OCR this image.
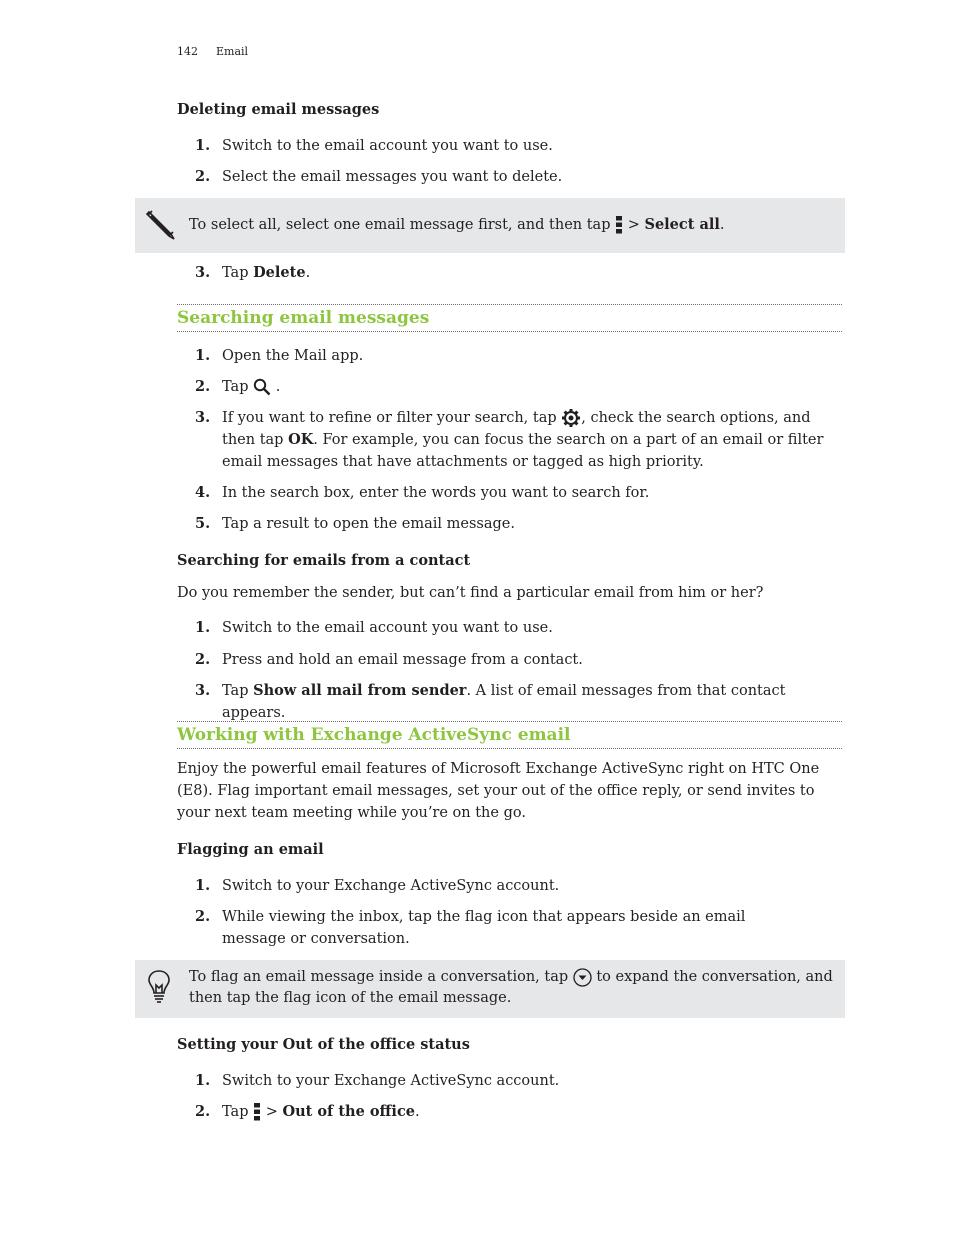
142 Email
Deleting email messages
1. Switch to the email account you want to use.
2. Select the email messages you want to delete.
To select all, select one email message first, and then tap > Select all.
3. Tap Delete.
Searching email messages
1. Open the Mail app.
2. Tap .
3. If you want to refine or filter your search, tap , check the search options, and then tap OK. For example, you can focus the search on a part of an email or filter email messages that have attachments or tagged as high priority.
4. In the search box, enter the words you want to search for.
5. Tap a result to open the email message.
Searching for emails from a contact
Do you remember the sender, but can’t find a particular email from him or her?
1. Switch to the email account you want to use.
2. Press and hold an email message from a contact.
3. Tap Show all mail from sender. A list of email messages from that contact appears.
Working with Exchange ActiveSync email
Enjoy the powerful email features of Microsoft Exchange ActiveSync right on HTC One (E8). Flag important email messages, set your out of the office reply, or send invites to your next team meeting while you’re on the go.
Flagging an email
1. Switch to your Exchange ActiveSync account.
2. While viewing the inbox, tap the flag icon that appears beside an email message or conversation.
To flag an email message inside a conversation, tap to expand the conversation, and then tap the flag icon of the email message.
Setting your Out of the office status
1. Switch to your Exchange ActiveSync account.
2. Tap > Out of the office.
